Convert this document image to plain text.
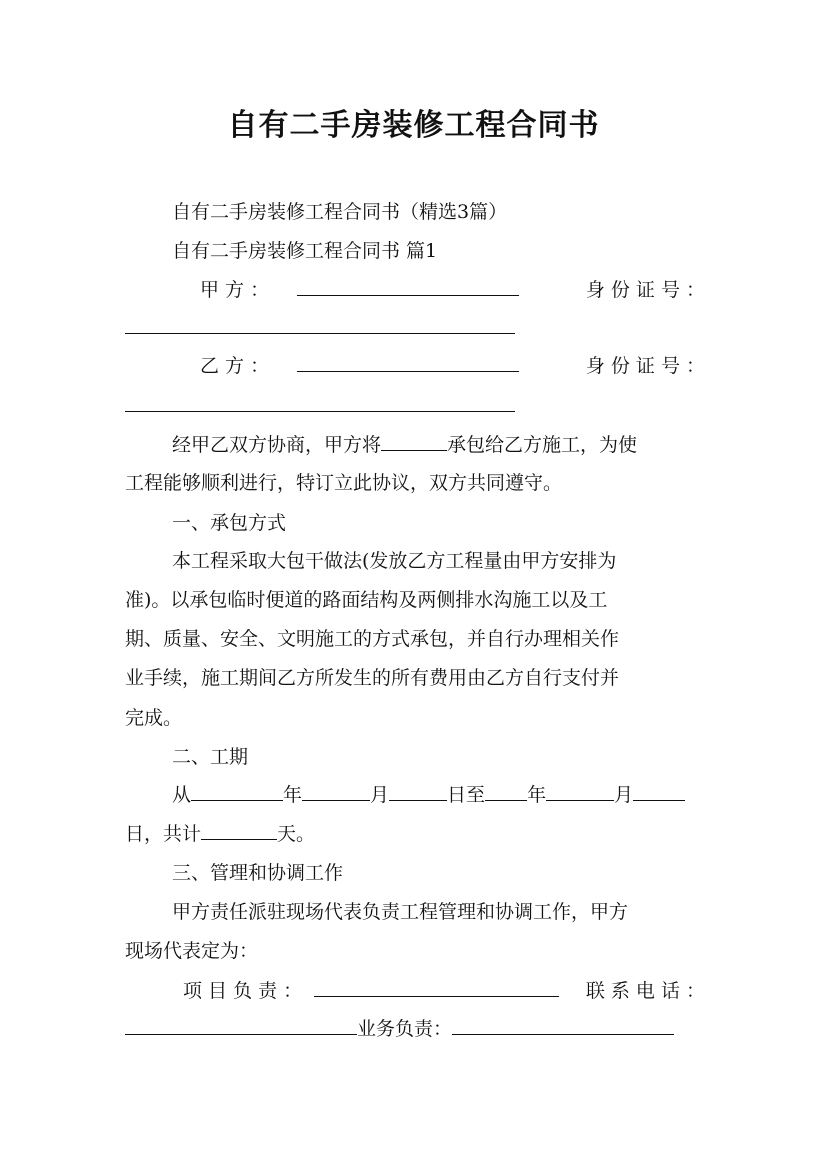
自有二手房装修工程合同书
自有二手房装修工程合同书（精选3篇）
自有二手房装修工程合同书 篇1
甲 方 ：	身 份 证 号 ：
乙 方 ：	身 份 证 号 ：
经甲乙双方协商，甲方将	承包给乙方施工，为使
工程能够顺利进行，特订立此协议，双方共同遵守。
一、承包方式
本工程采取大包干做法(发放乙方工程量由甲方安排为
准)。以承包临时便道的路面结构及两侧排水沟施工以及工
期、质量、安全、文明施工的方式承包，并自行办理相关作
业手续，施工期间乙方所发生的所有费用由乙方自行支付并
完成。
二、工期
从	年	月	日至 年	月
日，共计	天。
三、管理和协调工作
甲方责任派驻现场代表负责工程管理和协调工作，甲方
现场代表定为：
项 目 负 责 ：	联 系 电 话 ：
业务负责：
